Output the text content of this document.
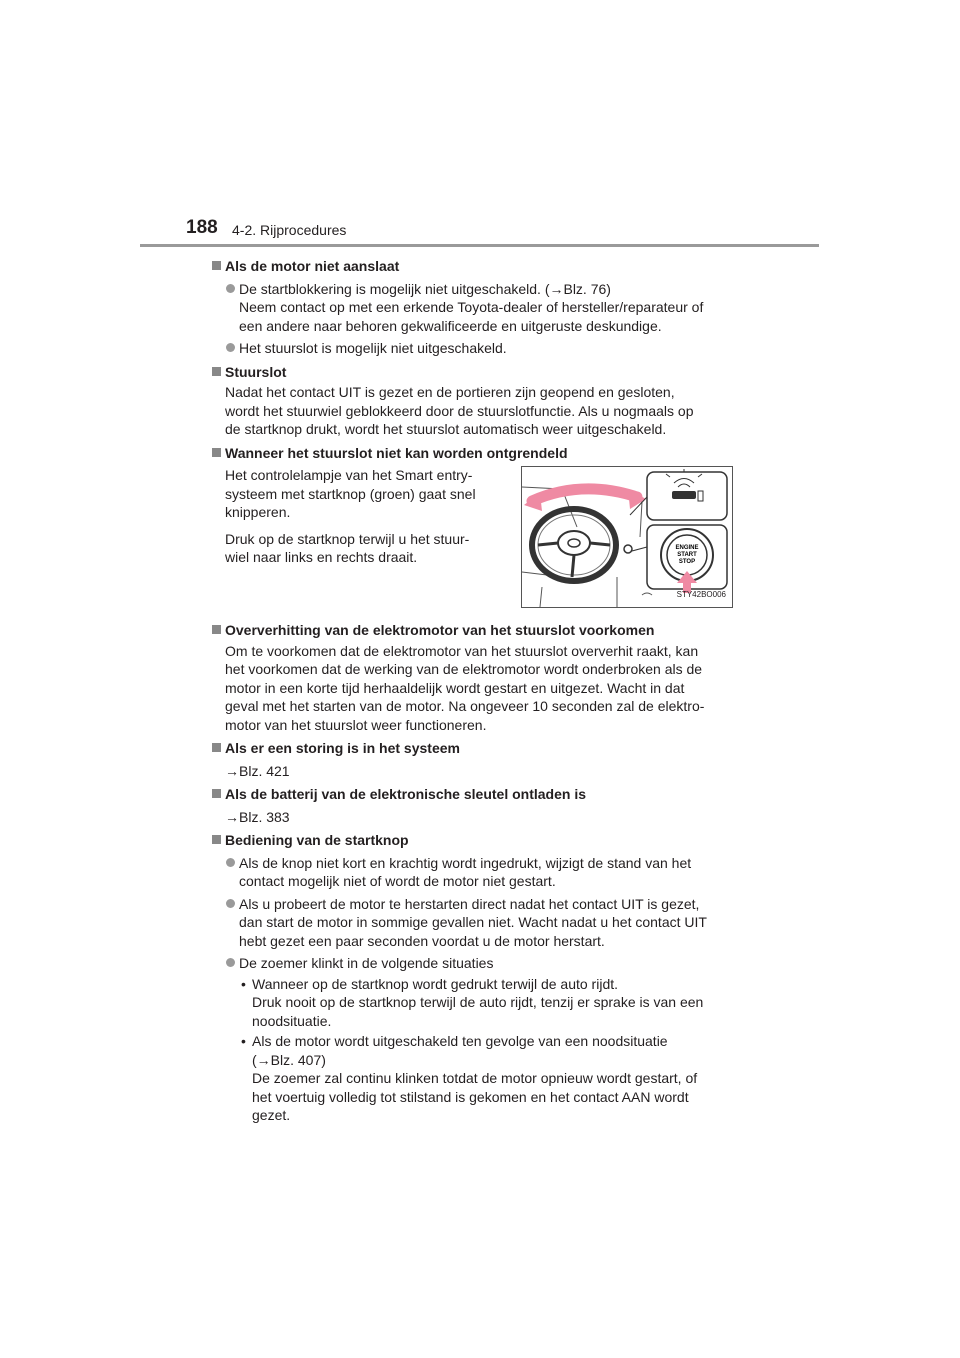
188 4-2. Rijprocedures
Als de motor niet aanslaat
De startblokkering is mogelijk niet uitgeschakeld. (→Blz. 76)
Neem contact op met een erkende Toyota-dealer of hersteller/reparateur of
een andere naar behoren gekwalificeerde en uitgeruste deskundige.
Het stuurslot is mogelijk niet uitgeschakeld.
Stuurslot
Nadat het contact UIT is gezet en de portieren zijn geopend en gesloten,
wordt het stuurwiel geblokkeerd door de stuurslotfunctie. Als u nogmaals op
de startknop drukt, wordt het stuurslot automatisch weer uitgeschakeld.
Wanneer het stuurslot niet kan worden ontgrendeld

Het controlelampje van het Smart entry-
systeem met startknop (groen) gaat snel
knipperen.

Druk op de startknop terwijl u het stuur-
wiel naar links en rechts draait.

ENGINE
START
STOP
STY42BO006
Oververhitting van de elektromotor van het stuurslot voorkomen
Om te voorkomen dat de elektromotor van het stuurslot oververhit raakt, kan
het voorkomen dat de werking van de elektromotor wordt onderbroken als de
motor in een korte tijd herhaaldelijk wordt gestart en uitgezet. Wacht in dat
geval met het starten van de motor. Na ongeveer 10 seconden zal de elektro-
motor van het stuurslot weer functioneren.
Als er een storing is in het systeem
→Blz. 421
Als de batterij van de elektronische sleutel ontladen is
→Blz. 383
Bediening van de startknop
Als de knop niet kort en krachtig wordt ingedrukt, wijzigt de stand van het
contact mogelijk niet of wordt de motor niet gestart.
Als u probeert de motor te herstarten direct nadat het contact UIT is gezet,
dan start de motor in sommige gevallen niet. Wacht nadat u het contact UIT
hebt gezet een paar seconden voordat u de motor herstart.
De zoemer klinkt in de volgende situaties
• Wanneer op de startknop wordt gedrukt terwijl de auto rijdt.
Druk nooit op de startknop terwijl de auto rijdt, tenzij er sprake is van een
noodsituatie.
• Als de motor wordt uitgeschakeld ten gevolge van een noodsituatie
(→Blz. 407)
De zoemer zal continu klinken totdat de motor opnieuw wordt gestart, of
het voertuig volledig tot stilstand is gekomen en het contact AAN wordt
gezet.
